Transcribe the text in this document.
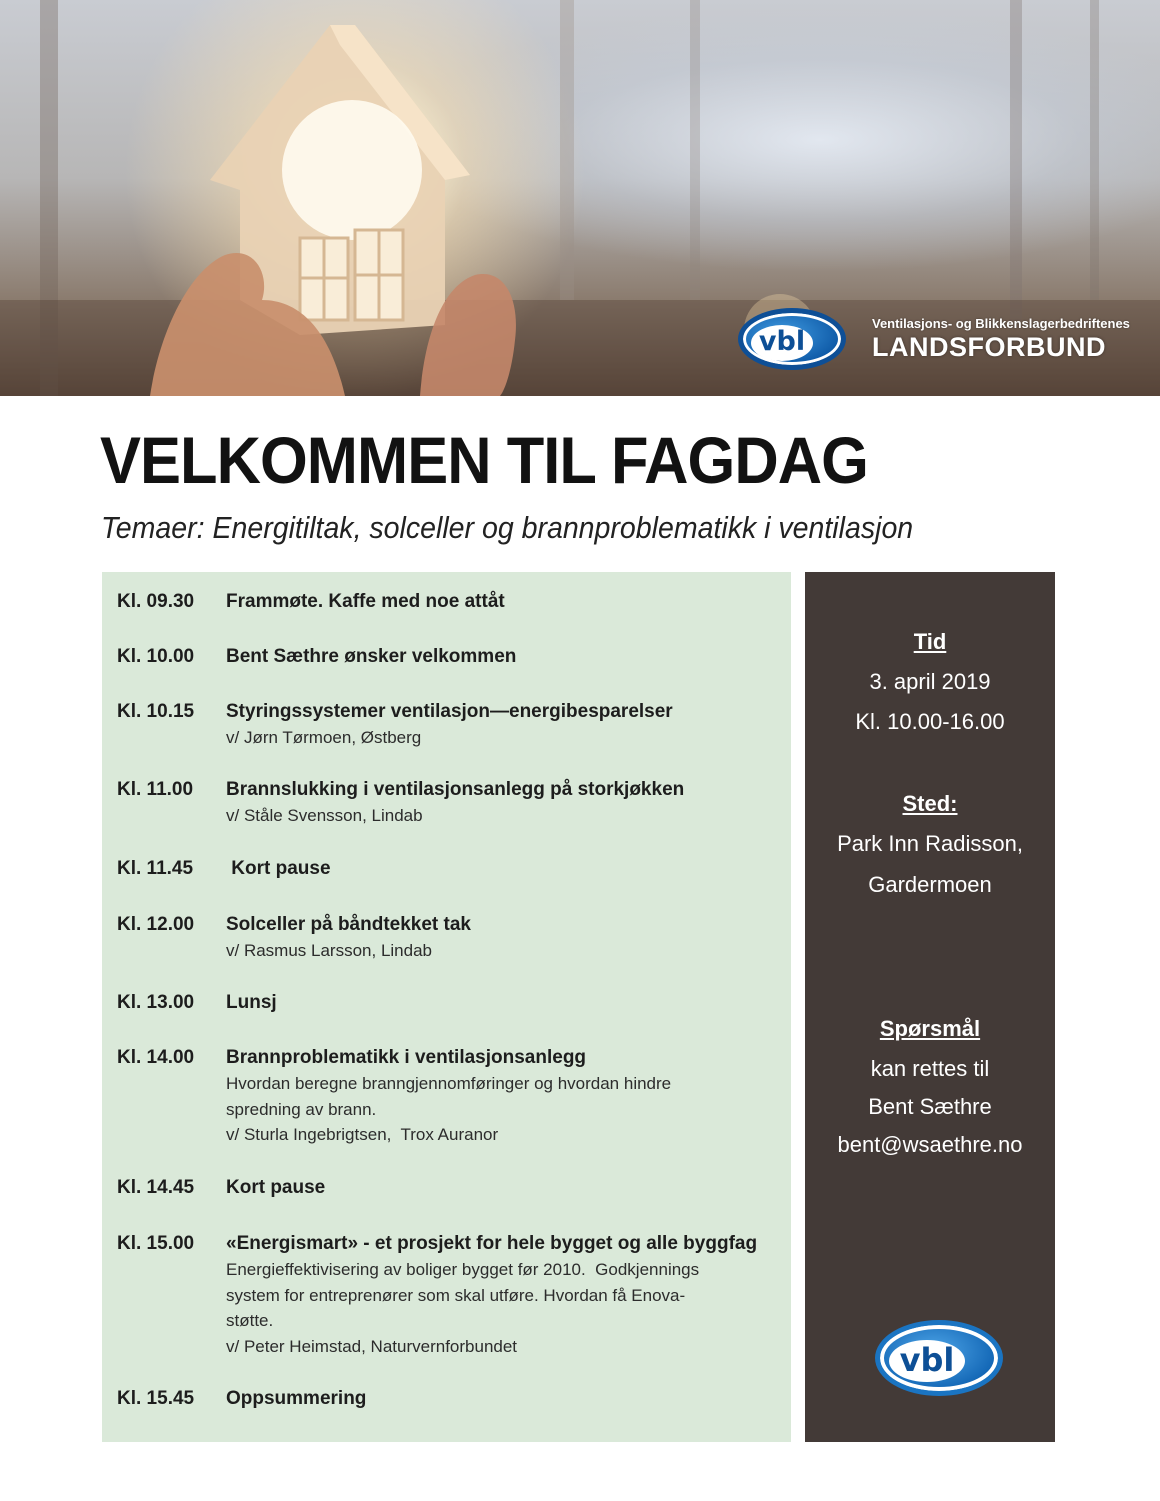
vbl
Ventilasjons- og Blikkenslagerbedriftenes
LANDSFORBUND
VELKOMMEN TIL FAGDAG
Temaer: Energitiltak, solceller og brannproblematikk i ventilasjon
Kl. 09.30 Frammøte. Kaffe med noe attåt
Kl. 10.00 Bent Sæthre ønsker velkommen
Kl. 10.15 Styringssystemer ventilasjon—energibesparelser
v/ Jørn Tørmoen, Østberg
Kl. 11.00 Brannslukking i ventilasjonsanlegg på storkjøkken
v/ Ståle Svensson, Lindab
Kl. 11.45 Kort pause
Kl. 12.00 Solceller på båndtekket tak
v/ Rasmus Larsson, Lindab
Kl. 13.00 Lunsj
Kl. 14.00 Brannproblematikk i ventilasjonsanlegg
Hvordan beregne branngjennomføringer og hvordan hindre
spredning av brann.
v/ Sturla Ingebrigtsen,  Trox Auranor
Kl. 14.45 Kort pause
Kl. 15.00 «Energismart» - et prosjekt for hele bygget og alle byggfag
Energieffektivisering av boliger bygget før 2010.  Godkjennings
system for entreprenører som skal utføre. Hvordan få Enova-
støtte.
v/ Peter Heimstad, Naturvernforbundet
Kl. 15.45 Oppsummering
Tid
3. april 2019
Kl. 10.00-16.00
Sted:
Park Inn Radisson,
Gardermoen
Spørsmål
kan rettes til
Bent Sæthre
bent@wsaethre.no
vbl
